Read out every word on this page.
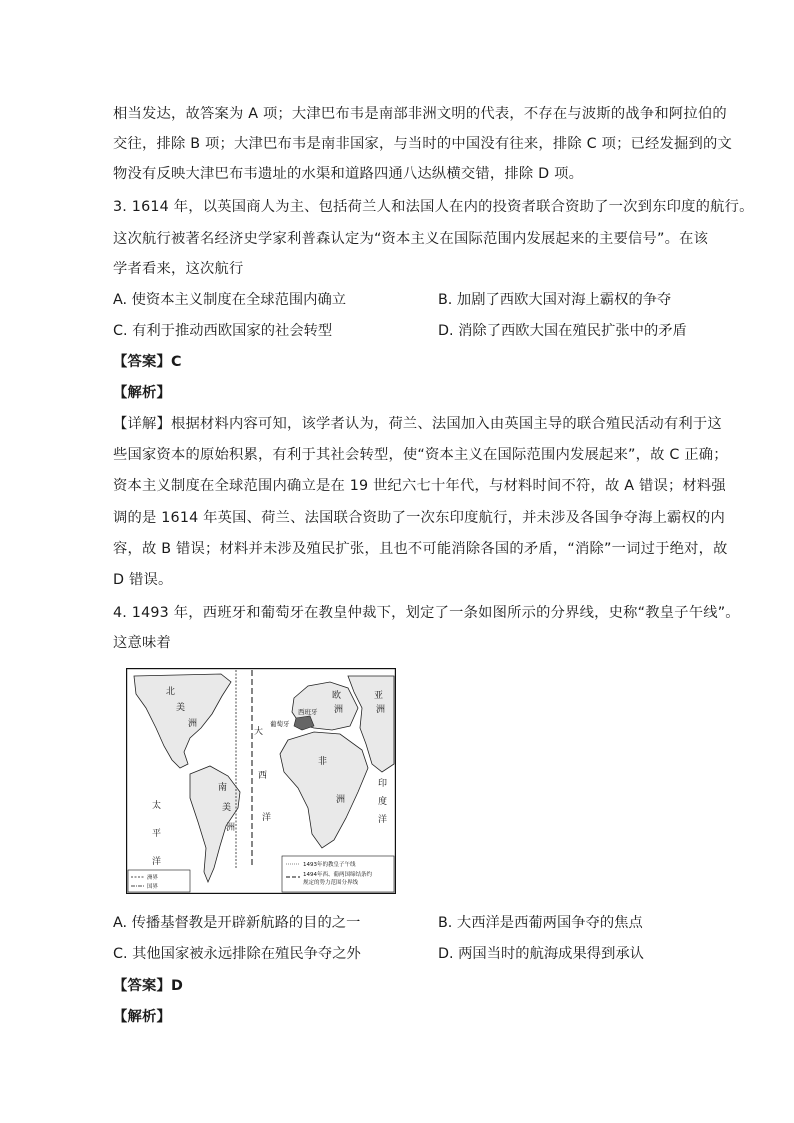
相当发达，故答案为 A 项；大津巴布韦是南部非洲文明的代表，不存在与波斯的战争和阿拉伯的
交往，排除 B 项；大津巴布韦是南非国家，与当时的中国没有往来，排除 C 项；已经发掘到的文
物没有反映大津巴布韦遗址的水渠和道路四通八达纵横交错，排除 D 项。
3. 1614 年，以英国商人为主、包括荷兰人和法国人在内的投资者联合资助了一次到东印度的航行。
这次航行被著名经济史学家利普森认定为“资本主义在国际范围内发展起来的主要信号”。在该
学者看来，这次航行
A. 使资本主义制度在全球范围内确立	B. 加剧了西欧大国对海上霸权的争夺
C. 有利于推动西欧国家的社会转型	D. 消除了西欧大国在殖民扩张中的矛盾
【答案】C
【解析】
【详解】根据材料内容可知，该学者认为，荷兰、法国加入由英国主导的联合殖民活动有利于这
些国家资本的原始积累，有利于其社会转型，使“资本主义在国际范围内发展起来”，故 C 正确；
资本主义制度在全球范围内确立是在 19 世纪六七十年代，与材料时间不符，故 A 错误；材料强
调的是 1614 年英国、荷兰、法国联合资助了一次东印度航行，并未涉及各国争夺海上霸权的内
容，故 B 错误；材料并未涉及殖民扩张，且也不可能消除各国的矛盾，“消除”一词过于绝对，故
D 错误。
4. 1493 年，西班牙和葡萄牙在教皇仲裁下，划定了一条如图所示的分界线，史称“教皇子午线”。
这意味着
北
美
洲
南
美
洲
太
平
洋
大
西
洋
欧
洲
亚
洲
非
洲
印
度
洋
葡萄牙
西班牙
洲界
国界
1493年的教皇子午线
1494年西、葡两国缔结条约
规定的势力范围分界线
A. 传播基督教是开辟新航路的目的之一	B. 大西洋是西葡两国争夺的焦点
C. 其他国家被永远排除在殖民争夺之外	D. 两国当时的航海成果得到承认
【答案】D
【解析】
